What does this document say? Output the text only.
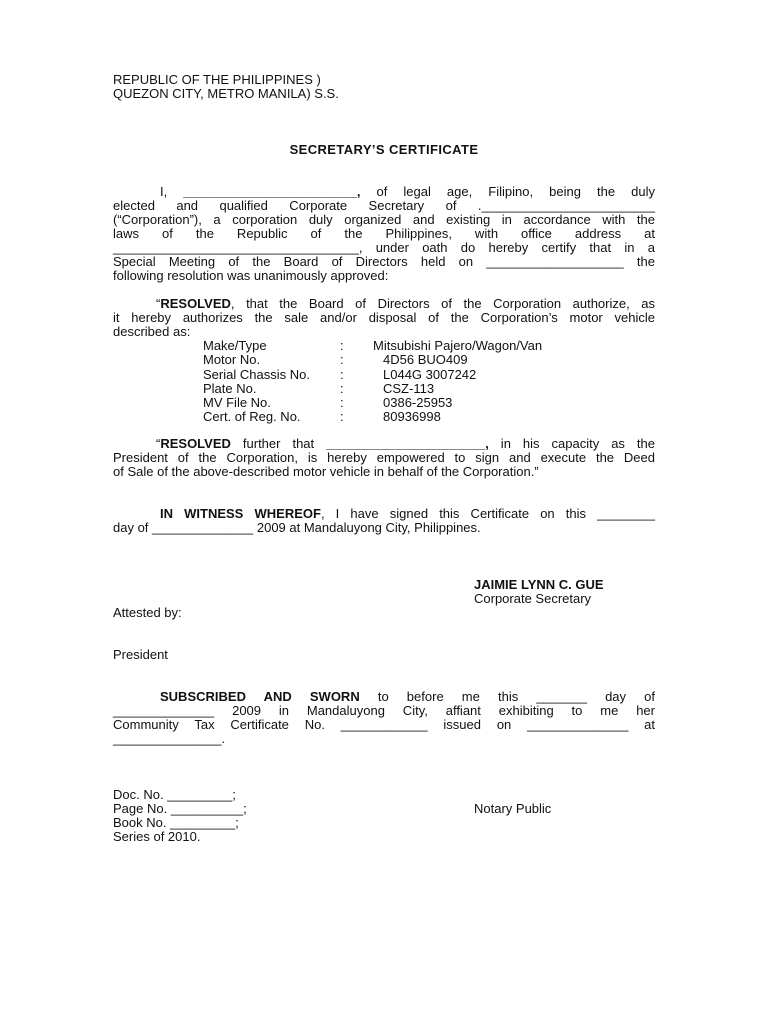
REPUBLIC OF THE PHILIPPINES )
QUEZON CITY, METRO MANILA) S.S.
SECRETARY’S CERTIFICATE
I, ________________________, of legal age, Filipino, being the duly
elected and qualified Corporate Secretary of .________________________
(“Corporation”), a corporation duly organized and existing in accordance with the
laws of the Republic of the Philippines, with office address at
__________________________________, under oath do hereby certify that in a
Special Meeting of the Board of Directors held on ___________________ the
following resolution was unanimously approved:
“RESOLVED, that the Board of Directors of the Corporation authorize, as
it hereby authorizes the sale and/or disposal of the Corporation’s motor vehicle
described as:
Make/Type	: Mitsubishi Pajero/Wagon/Van
Motor No.	:	4D56 BUO409
Serial Chassis No. :	L044G 3007242
Plate No.	:	CSZ-113
MV File No.	:	0386-25953
Cert. of Reg. No.	:	80936998
“RESOLVED further that ______________________, in his capacity as the
President of the Corporation, is hereby empowered to sign and execute the Deed
of Sale of the above-described motor vehicle in behalf of the Corporation.”
IN WITNESS WHEREOF, I have signed this Certificate on this ________
day of ______________ 2009 at Mandaluyong City, Philippines.
JAIMIE LYNN C. GUE
Corporate Secretary
Attested by:
President
SUBSCRIBED AND SWORN to before me this _______ day of
______________ 2009 in Mandaluyong City, affiant exhibiting to me her
Community Tax Certificate No. ____________ issued on ______________ at
_______________.
Doc. No. _________;
Page No. __________;
Book No. _________;
Series of 2010.
Notary Public
